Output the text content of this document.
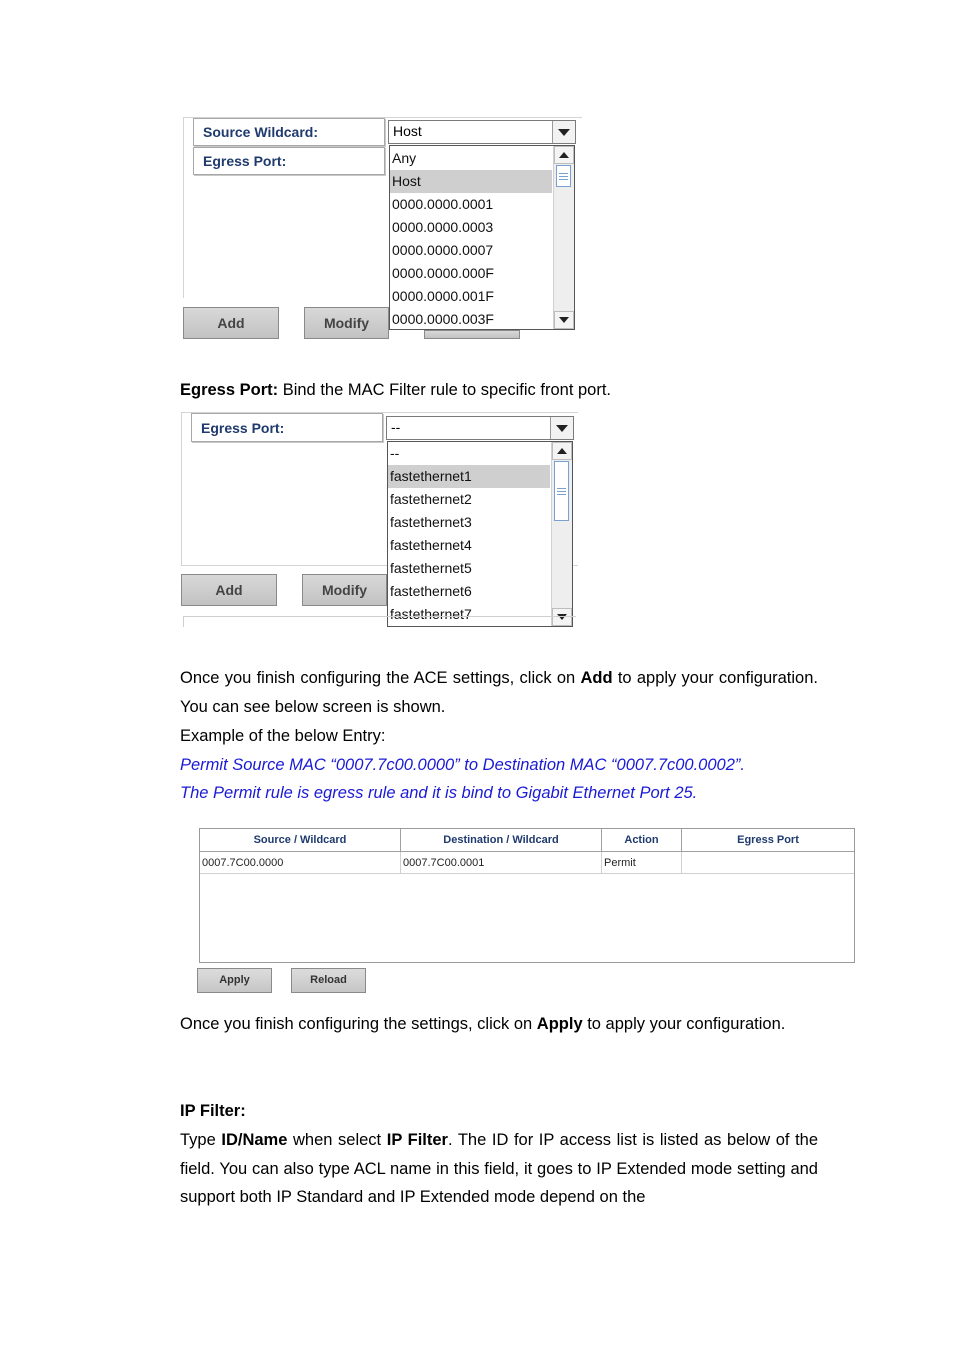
Source Wildcard:
Egress Port:
Host
Any
Host
0000.0000.0001
0000.0000.0003
0000.0000.0007
0000.0000.000F
0000.0000.001F
0000.0000.003F
Add	Modify
Egress Port: Bind the MAC Filter rule to specific front port.
Egress Port:	--
--
fastethernet1
fastethernet2
fastethernet3
fastethernet4
fastethernet5
fastethernet6
fastethernet7
Add	Modify
Once you finish configuring the ACE settings, click on Add to apply your configuration. You can see below screen is shown.
Example of the below Entry:
Permit Source MAC “0007.7c00.0000” to Destination MAC “0007.7c00.0002”.
The Permit rule is egress rule and it is bind to Gigabit Ethernet Port 25.
Source / Wildcard	Destination / Wildcard	Action	Egress Port
0007.7C00.0000	0007.7C00.0001	Permit	
Apply	Reload
Once you finish configuring the settings, click on Apply to apply your configuration.
IP Filter:
Type ID/Name when select IP Filter. The ID for IP access list is listed as below of the field. You can also type ACL name in this field, it goes to IP Extended mode setting and support both IP Standard and IP Extended mode depend on the
